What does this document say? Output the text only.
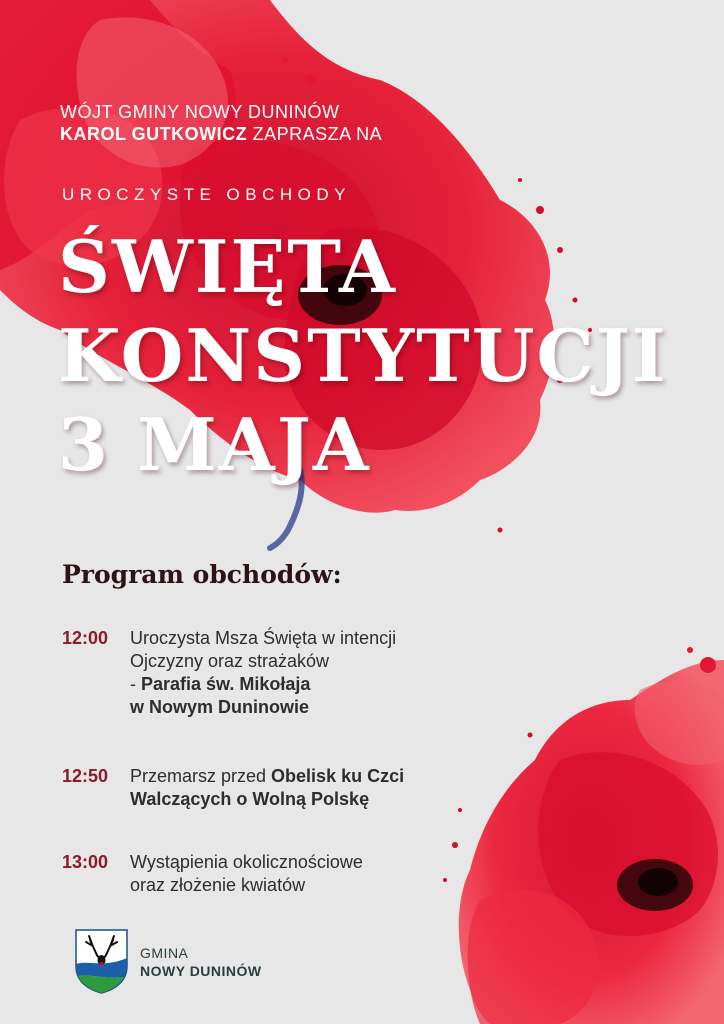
WÓJT GMINY NOWY DUNINÓW
KAROL GUTKOWICZ ZAPRASZA NA
UROCZYSTE OBCHODY
ŚWIĘTA
KONSTYTUCJI
3 MAJA
Program obchodów:
12:00 Uroczysta Msza Święta w intencji
Ojczyzny oraz strażaków
- Parafia św. Mikołaja
w Nowym Duninowie
12:50 Przemarsz przed Obelisk ku Czci
Walczących o Wolną Polskę
13:00 Wystąpienia okolicznościowe
oraz złożenie kwiatów
GMINA
NOWY DUNINÓW
